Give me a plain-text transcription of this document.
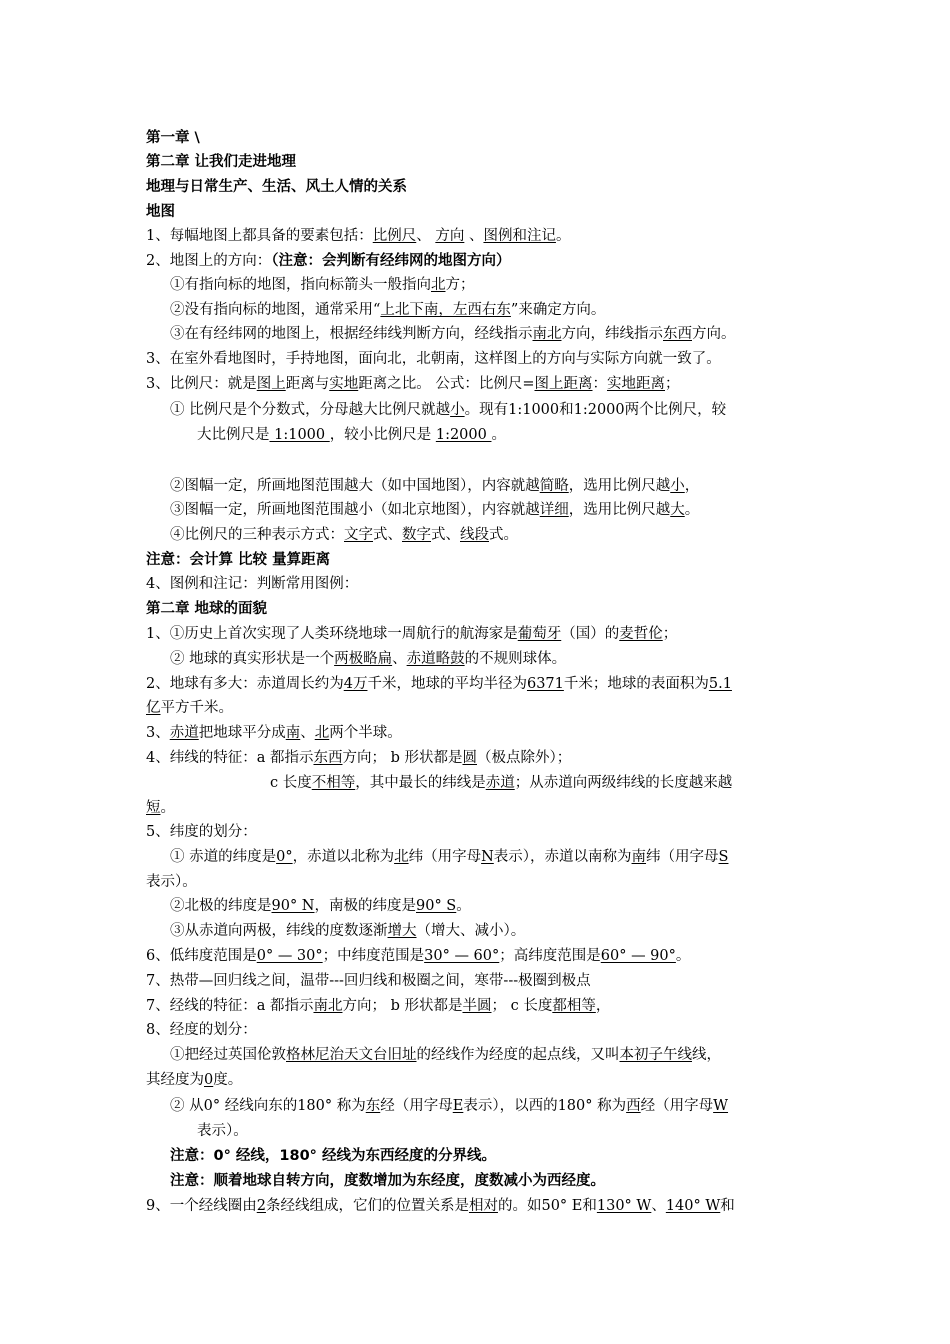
第一章 \
第二章 让我们走进地理
地理与日常生产、生活、风土人情的关系
地图
1、每幅地图上都具备的要素包括：比例尺、 方向 、图例和注记。
2、地图上的方向：（注意：会判断有经纬网的地图方向）
①有指向标的地图，指向标箭头一般指向北方；
②没有指向标的地图，通常采用“上北下南，左西右东”来确定方向。
③在有经纬网的地图上，根据经纬线判断方向，经线指示南北方向，纬线指示东西方向。
3、在室外看地图时，手持地图，面向北，北朝南，这样图上的方向与实际方向就一致了。
3、比例尺：就是图上距离与实地距离之比。 公式：比例尺=图上距离：实地距离；
① 比例尺是个分数式，分母越大比例尺就越小。现有1:1000和1:2000两个比例尺，较
大比例尺是 1:1000 ，较小比例尺是 1:2000 。
②图幅一定，所画地图范围越大（如中国地图），内容就越简略，选用比例尺越小，
③图幅一定，所画地图范围越小（如北京地图），内容就越详细，选用比例尺越大。
④比例尺的三种表示方式：文字式、数字式、线段式。
注意：会计算 比较 量算距离
4、图例和注记：判断常用图例：
第二章 地球的面貌
1、①历史上首次实现了人类环绕地球一周航行的航海家是葡萄牙（国）的麦哲伦；
② 地球的真实形状是一个两极略扁、赤道略鼓的不规则球体。
2、地球有多大：赤道周长约为4万千米，地球的平均半径为6371千米；地球的表面积为5.1
亿平方千米。
3、赤道把地球平分成南、北两个半球。
4、纬线的特征：a 都指示东西方向； b 形状都是圆（极点除外）；
c 长度不相等，其中最长的纬线是赤道；从赤道向两级纬线的长度越来越
短。
5、纬度的划分：
① 赤道的纬度是0°，赤道以北称为北纬（用字母N表示），赤道以南称为南纬（用字母S
表示）。
②北极的纬度是90° N，南极的纬度是90° S。
③从赤道向两极，纬线的度数逐渐增大（增大、减小）。
6、低纬度范围是0° — 30°；中纬度范围是30° — 60°；高纬度范围是60° — 90°。
7、热带—回归线之间，温带---回归线和极圈之间，寒带---极圈到极点
7、经线的特征：a 都指示南北方向； b 形状都是半圆； c 长度都相等，
8、经度的划分：
①把经过英国伦敦格林尼治天文台旧址的经线作为经度的起点线，又叫本初子午线线，
其经度为0度。
② 从0° 经线向东的180° 称为东经（用字母E表示），以西的180° 称为西经（用字母W
表示）。
注意：0° 经线，180° 经线为东西经度的分界线。
注意：顺着地球自转方向，度数增加为东经度，度数减小为西经度。
9、一个经线圈由2条经线组成，它们的位置关系是相对的。如50° E和130° W、140° W和
